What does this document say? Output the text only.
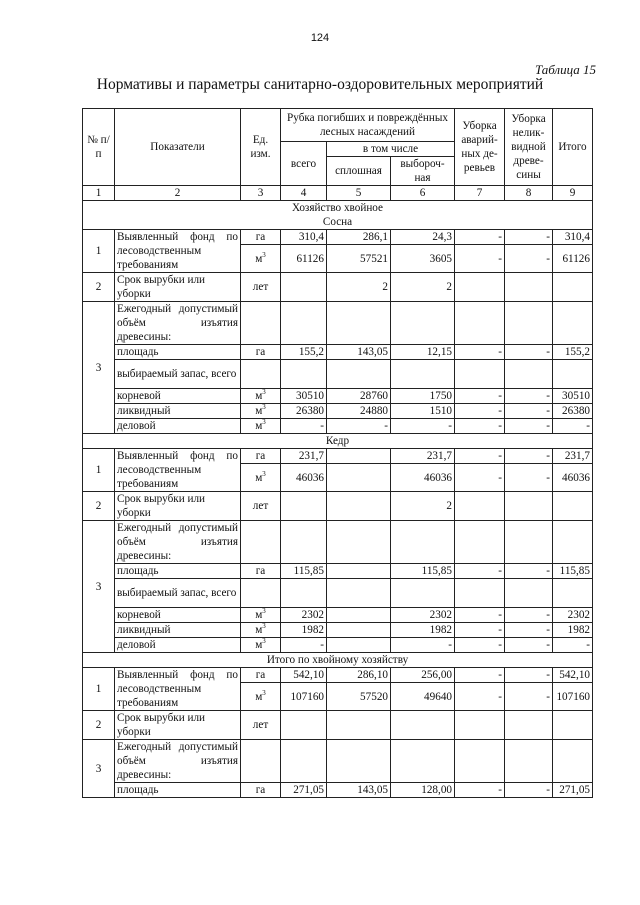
124
Таблица 15
Нормативы и параметры санитарно-оздоровительных мероприятий
№ п/п	Показатели	Ед. изм.	Рубка погибших и повреждённых лесных насаждений			Уборка аварий-ных де-ревьев	Уборка нелик-видной древе-сины	Итого
			всего	в том числе				
				сплошная	выбороч-ная			
1	2	3	4	5	6	7	8	9
Хозяйство хвойное
Сосна								
1	Выявленный фонд по лесоводственным требованиям	га	310,4	286,1	24,3	-	-	310,4
		$м^3$	61126	57521	3605	-	-	61126

2	Срок вырубки или уборки	лет		2	2			
3	Ежегодный допустимый объём изъятия древесины:							
	площадь	га	155,2	143,05	12,15	-	-	155,2
	выбираемый запас, всего							
	корневой	$м^3$	30510	28760	1750	-	-	30510
	ликвидный	$м^3$	26380	24880	1510	-	-	26380
	деловой	$м^3$	-	-	-	-	-	-
Кедр								
1	Выявленный фонд по лесоводственным требованиям	га	231,7		231,7	-	-	231,7
		$м^3$	46036		46036	-	-	46036

2	Срок вырубки или уборки	лет			2			
3	Ежегодный допустимый объём изъятия древесины:							
	площадь	га	115,85		115,85	-	-	115,85
	выбираемый запас, всего							
	корневой	$м^3$	2302		2302	-	-	2302
	ликвидный	$м^3$	1982		1982	-	-	1982
	деловой	$м^3$	-		-	-	-	-
Итого по хвойному хозяйству								
1	Выявленный фонд по лесоводственным требованиям	га	542,10	286,10	256,00	-	-	542,10
		$м^3$	107160	57520	49640	-	-	107160

2	Срок вырубки или уборки	лет						
3	Ежегодный допустимый объём изъятия древесины:							
	площадь	га	271,05	143,05	128,00	-	-	271,05
